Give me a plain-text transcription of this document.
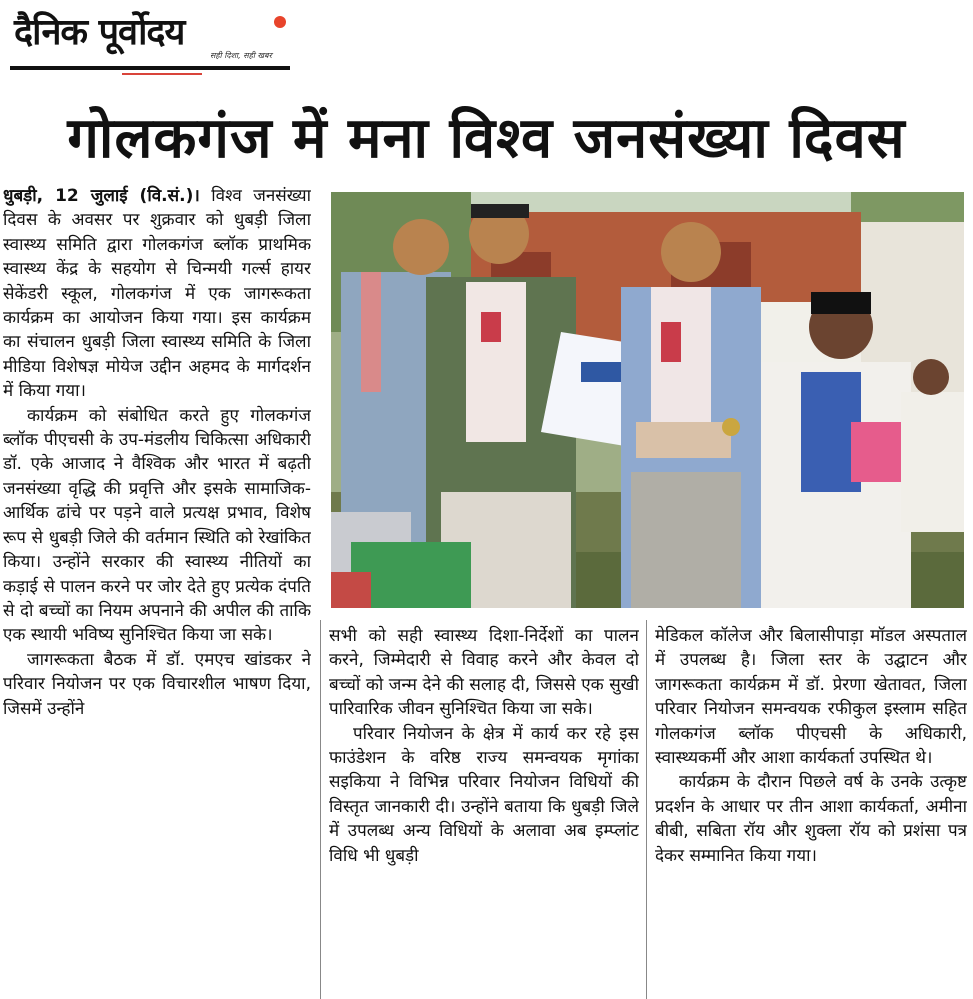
दैनिक पूर्वोदय
सही दिशा, सही खबर
गोलकगंज में मना विश्व जनसंख्या दिवस

धुबड़ी, 12 जुलाई (वि.सं.)। विश्व जनसंख्या दिवस के अवसर पर शुक्रवार को धुबड़ी जिला स्वास्थ्य समिति द्वारा गोलकगंज ब्लॉक प्राथमिक स्वास्थ्य केंद्र के सहयोग से चिन्मयी गर्ल्स हायर सेकेंडरी स्कूल, गोलकगंज में एक जागरूकता कार्यक्रम का आयोजन किया गया। इस कार्यक्रम का संचालन धुबड़ी जिला स्वास्थ्य समिति के जिला मीडिया विशेषज्ञ मोयेज उद्दीन अहमद के मार्गदर्शन में किया गया।

कार्यक्रम को संबोधित करते हुए गोलकगंज ब्लॉक पीएचसी के उप-मंडलीय चिकित्सा अधिकारी डॉ. एके आजाद ने वैश्विक और भारत में बढ़ती जनसंख्या वृद्धि की प्रवृत्ति और इसके सामाजिक-आर्थिक ढांचे पर पड़ने वाले प्रत्यक्ष प्रभाव, विशेष रूप से धुबड़ी जिले की वर्तमान स्थिति को रेखांकित किया। उन्होंने सरकार की स्वास्थ्य नीतियों का कड़ाई से पालन करने पर जोर देते हुए प्रत्येक दंपति से दो बच्चों का नियम अपनाने की अपील की ताकि एक स्थायी भविष्य सुनिश्चित किया जा सके।

जागरूकता बैठक में डॉ. एमएच खांडकर ने परिवार नियोजन पर एक विचारशील भाषण दिया, जिसमें उन्होंने

सभी को सही स्वास्थ्य दिशा-निर्देशों का पालन करने, जिम्मेदारी से विवाह करने और केवल दो बच्चों को जन्म देने की सलाह दी, जिससे एक सुखी पारिवारिक जीवन सुनिश्चित किया जा सके।

परिवार नियोजन के क्षेत्र में कार्य कर रहे इस फाउंडेशन के वरिष्ठ राज्य समन्वयक मृगांका सइकिया ने विभिन्न परिवार नियोजन विधियों की विस्तृत जानकारी दी। उन्होंने बताया कि धुबड़ी जिले में उपलब्ध अन्य विधियों के अलावा अब इम्प्लांट विधि भी धुबड़ी

मेडिकल कॉलेज और बिलासीपाड़ा मॉडल अस्पताल में उपलब्ध है। जिला स्तर के उद्घाटन और जागरूकता कार्यक्रम में डॉ. प्रेरणा खेतावत, जिला परिवार नियोजन समन्वयक रफीकुल इस्लाम सहित गोलकगंज ब्लॉक पीएचसी के अधिकारी, स्वास्थ्यकर्मी और आशा कार्यकर्ता उपस्थित थे।

कार्यक्रम के दौरान पिछले वर्ष के उनके उत्कृष्ट प्रदर्शन के आधार पर तीन आशा कार्यकर्ता, अमीना बीबी, सबिता रॉय और शुक्ला रॉय को प्रशंसा पत्र देकर सम्मानित किया गया।
